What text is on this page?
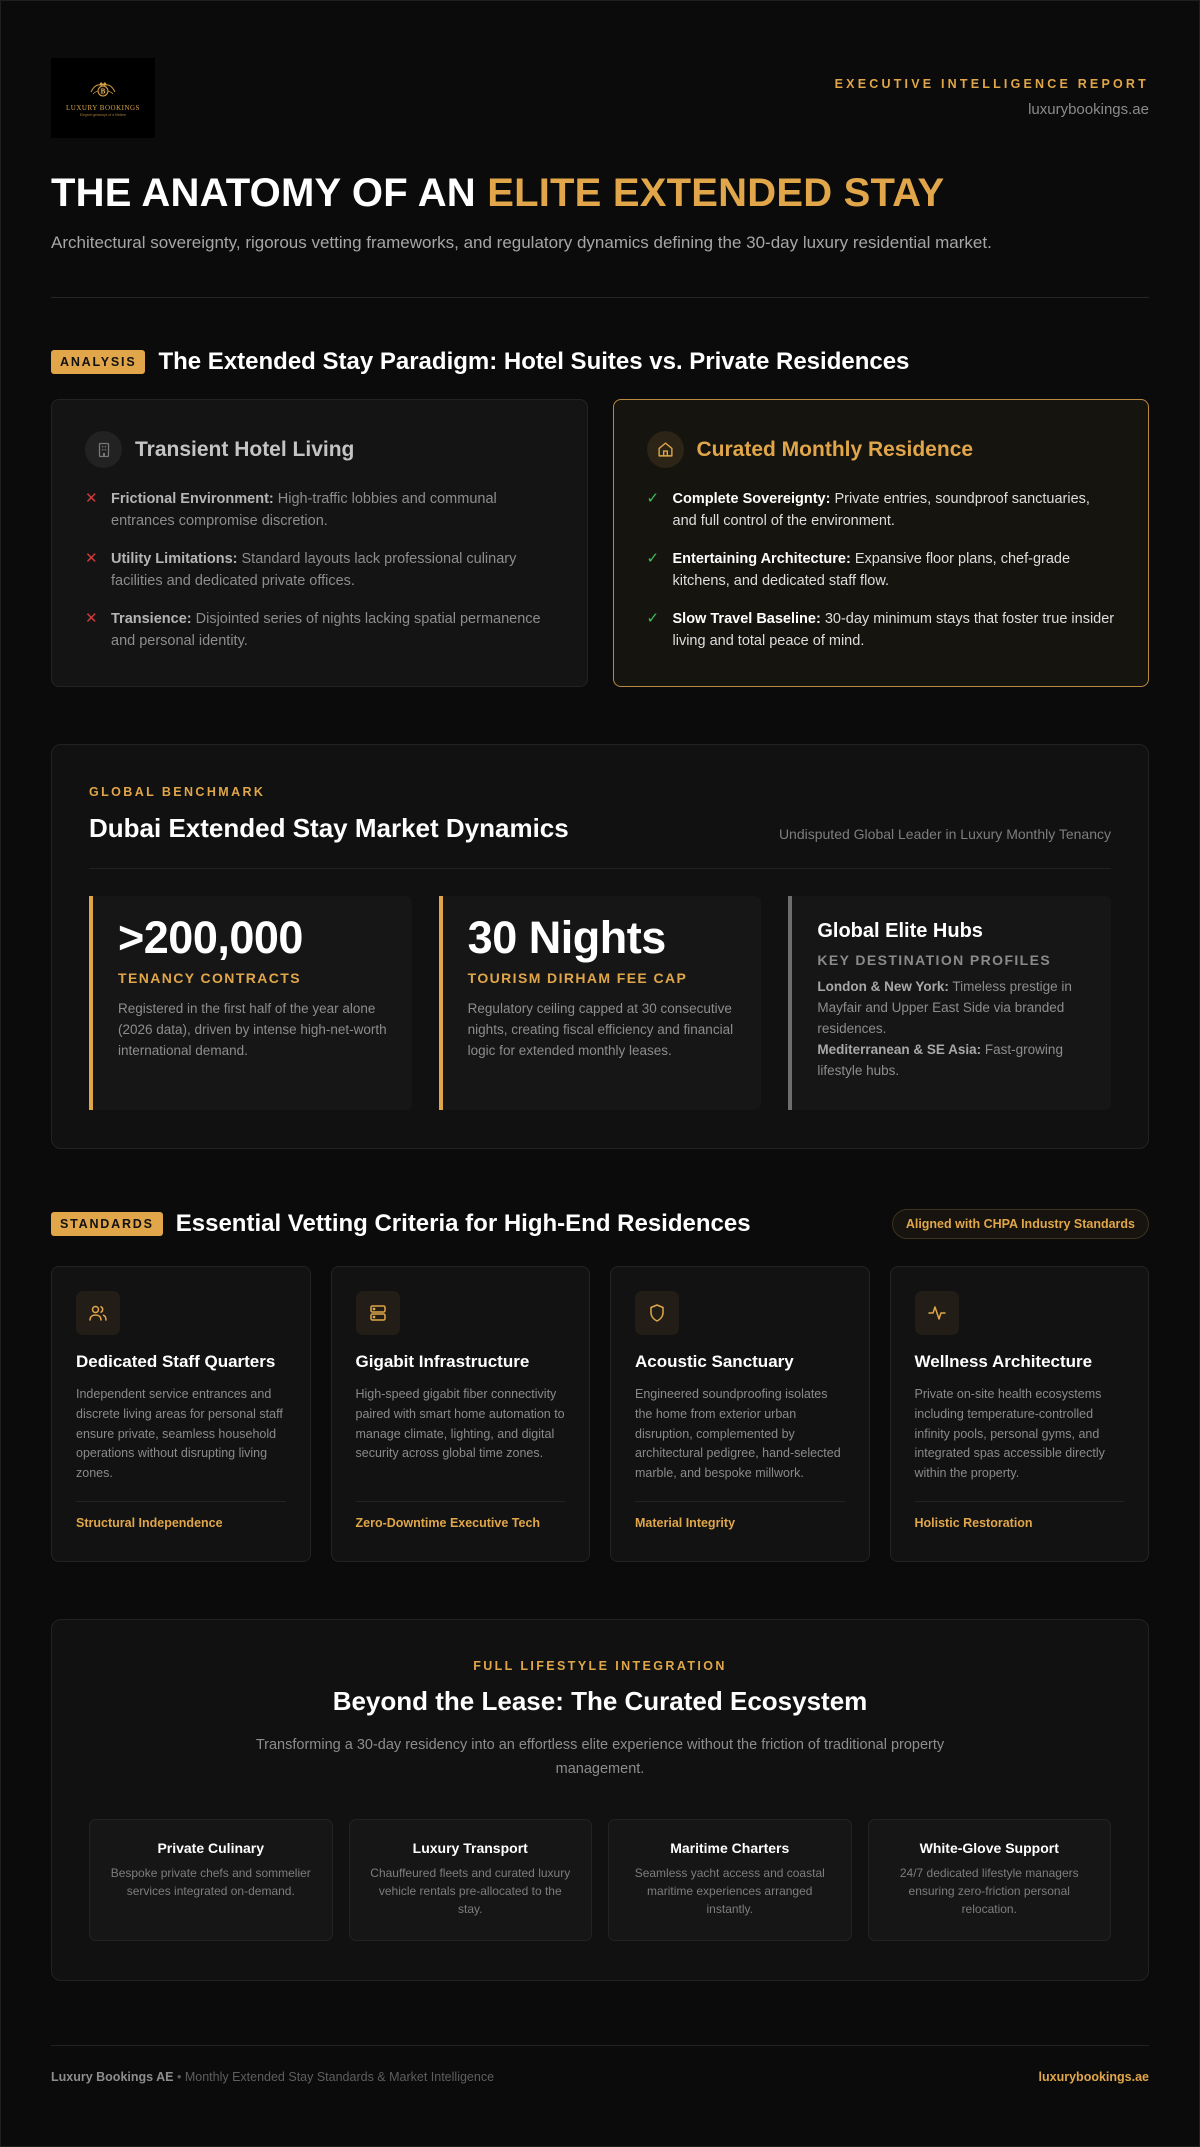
B
LUXURY BOOKINGS
Elegant getaways of a lifetime
EXECUTIVE INTELLIGENCE REPORT
luxurybookings.ae
THE ANATOMY OF AN ELITE EXTENDED STAY

Architectural sovereignty, rigorous vetting frameworks, and regulatory dynamics defining the 30-day luxury residential market.

ANALYSIS The Extended Stay Paradigm: Hotel Suites vs. Private Residences
Transient Hotel Living
✕ Frictional Environment: High-traffic lobbies and communal entrances compromise discretion.
✕ Utility Limitations: Standard layouts lack professional culinary facilities and dedicated private offices.
✕ Transience: Disjointed series of nights lacking spatial permanence and personal identity.
Curated Monthly Residence
✓ Complete Sovereignty: Private entries, soundproof sanctuaries, and full control of the environment.
✓ Entertaining Architecture: Expansive floor plans, chef-grade kitchens, and dedicated staff flow.
✓ Slow Travel Baseline: 30-day minimum stays that foster true insider living and total peace of mind.
GLOBAL BENCHMARK
Dubai Extended Stay Market Dynamics	Undisputed Global Leader in Luxury Monthly Tenancy
>200,000
TENANCY CONTRACTS
Registered in the first half of the year alone (2026 data), driven by intense high-net-worth international demand.
30 Nights
TOURISM DIRHAM FEE CAP
Regulatory ceiling capped at 30 consecutive nights, creating fiscal efficiency and financial logic for extended monthly leases.
Global Elite Hubs
KEY DESTINATION PROFILES
London & New York: Timeless prestige in Mayfair and Upper East Side via branded residences.
Mediterranean & SE Asia: Fast-growing lifestyle hubs.
STANDARDS Essential Vetting Criteria for High-End Residences	Aligned with CHPA Industry Standards
Dedicated Staff Quarters
Independent service entrances and discrete living areas for personal staff ensure private, seamless household operations without disrupting living zones.
Structural Independence
Gigabit Infrastructure
High-speed gigabit fiber connectivity paired with smart home automation to manage climate, lighting, and digital security across global time zones.
Zero-Downtime Executive Tech
Acoustic Sanctuary
Engineered soundproofing isolates the home from exterior urban disruption, complemented by architectural pedigree, hand-selected marble, and bespoke millwork.
Material Integrity
Wellness Architecture
Private on-site health ecosystems including temperature-controlled infinity pools, personal gyms, and integrated spas accessible directly within the property.
Holistic Restoration
FULL LIFESTYLE INTEGRATION
Beyond the Lease: The Curated Ecosystem

Transforming a 30-day residency into an effortless elite experience without the friction of traditional property management.

Private Culinary
Bespoke private chefs and sommelier services integrated on-demand.
Luxury Transport
Chauffeured fleets and curated luxury vehicle rentals pre-allocated to the stay.
Maritime Charters
Seamless yacht access and coastal maritime experiences arranged instantly.
White-Glove Support
24/7 dedicated lifestyle managers ensuring zero-friction personal relocation.
Luxury Bookings AE • Monthly Extended Stay Standards & Market Intelligence	luxurybookings.ae
